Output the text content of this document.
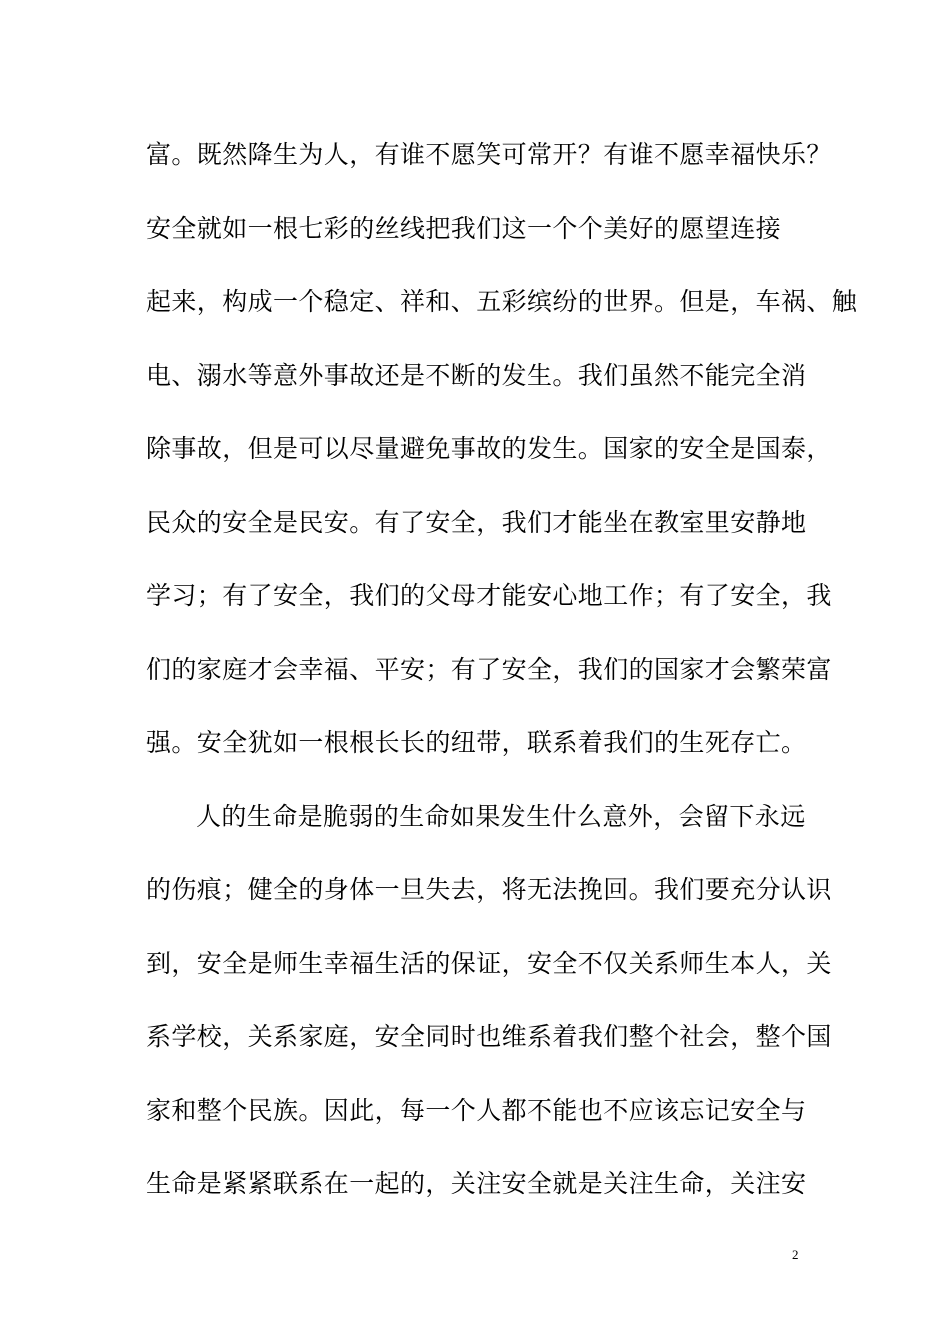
富。既然降生为人，有谁不愿笑可常开？有谁不愿幸福快乐？
安全就如一根七彩的丝线把我们这一个个美好的愿望连接
起来，构成一个稳定、祥和、五彩缤纷的世界。但是，车祸、触
电、溺水等意外事故还是不断的发生。我们虽然不能完全消
除事故，但是可以尽量避免事故的发生。国家的安全是国泰，
民众的安全是民安。有了安全，我们才能坐在教室里安静地
学习；有了安全，我们的父母才能安心地工作；有了安全，我
们的家庭才会幸福、平安；有了安全，我们的国家才会繁荣富
强。安全犹如一根根长长的纽带，联系着我们的生死存亡。
人的生命是脆弱的生命如果发生什么意外，会留下永远
的伤痕；健全的身体一旦失去，将无法挽回。我们要充分认识
到，安全是师生幸福生活的保证，安全不仅关系师生本人，关
系学校，关系家庭，安全同时也维系着我们整个社会，整个国
家和整个民族。因此，每一个人都不能也不应该忘记安全与
生命是紧紧联系在一起的，关注安全就是关注生命，关注安
2
